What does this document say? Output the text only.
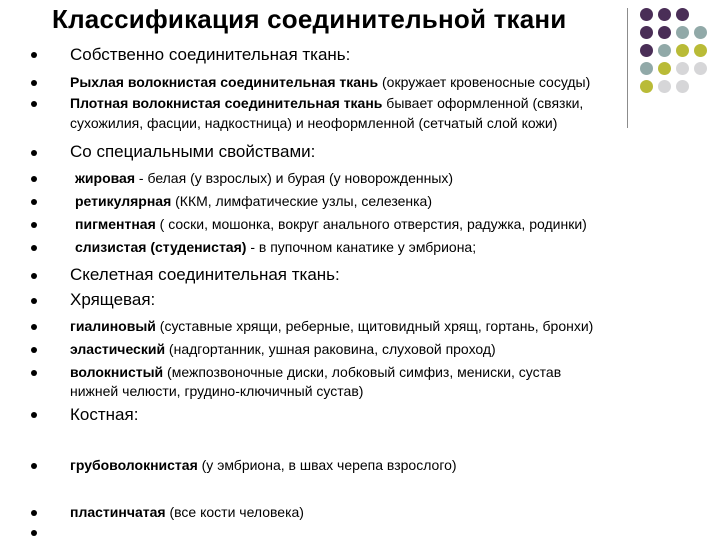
Классификация соединительной ткани
Собственно соединительная ткань:
Рыхлая волокнистая соединительная ткань (окружает кровеносные сосуды)
Плотная волокнистая соединительная ткань бывает оформленной (связки,
сухожилия, фасции, надкостница) и неоформленной (сетчатый слой кожи)
Со специальными свойствами:
жировая - белая (у взрослых) и бурая (у новорожденных)
ретикулярная (ККМ, лимфатические узлы, селезенка)
пигментная ( соски, мошонка, вокруг анального отверстия, радужка, родинки)
слизистая (студенистая) - в пупочном канатике у эмбриона;
Скелетная соединительная ткань:
Хрящевая:
гиалиновый (суставные хрящи, реберные, щитовидный хрящ, гортань, бронхи)
эластический (надгортанник, ушная раковина, слуховой проход)
волокнистый (межпозвоночные диски, лобковый симфиз, мениски, сустав
нижней челюсти, грудино-ключичный сустав)
Костная:
грубоволокнистая (у эмбриона, в швах черепа взрослого)
пластинчатая (все кости человека)
